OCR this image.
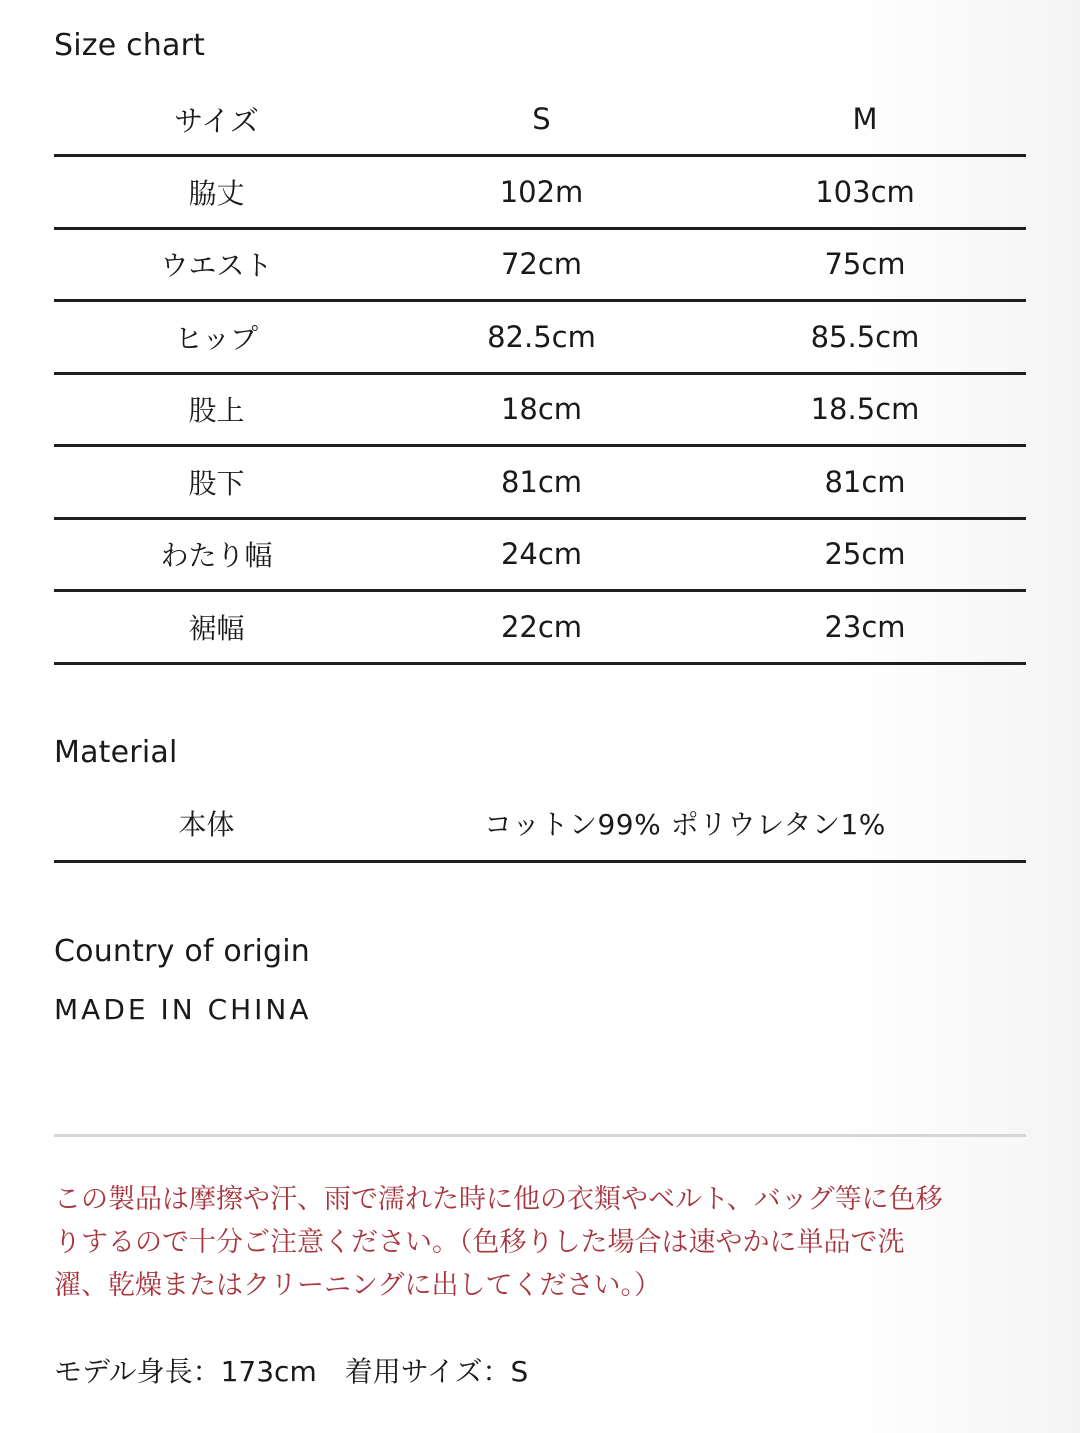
Size chart
サイズ	S	M
脇丈	102m	103cm
ウエスト	72cm	75cm
ヒップ	82.5cm	85.5cm
股上	18cm	18.5cm
股下	81cm	81cm
わたり幅	24cm	25cm
裾幅	22cm	23cm
Material
本体	コットン99% ポリウレタン1%
Country of origin
MADE IN CHINA

この製品は摩擦や汗、雨で濡れた時に他の衣類やベルト、バッグ等に色移
りするので十分ご注意ください。（色移りした場合は速やかに単品で洗
濯、乾燥またはクリーニングに出してください。）

モデル身長：173cm　着用サイズ：S
